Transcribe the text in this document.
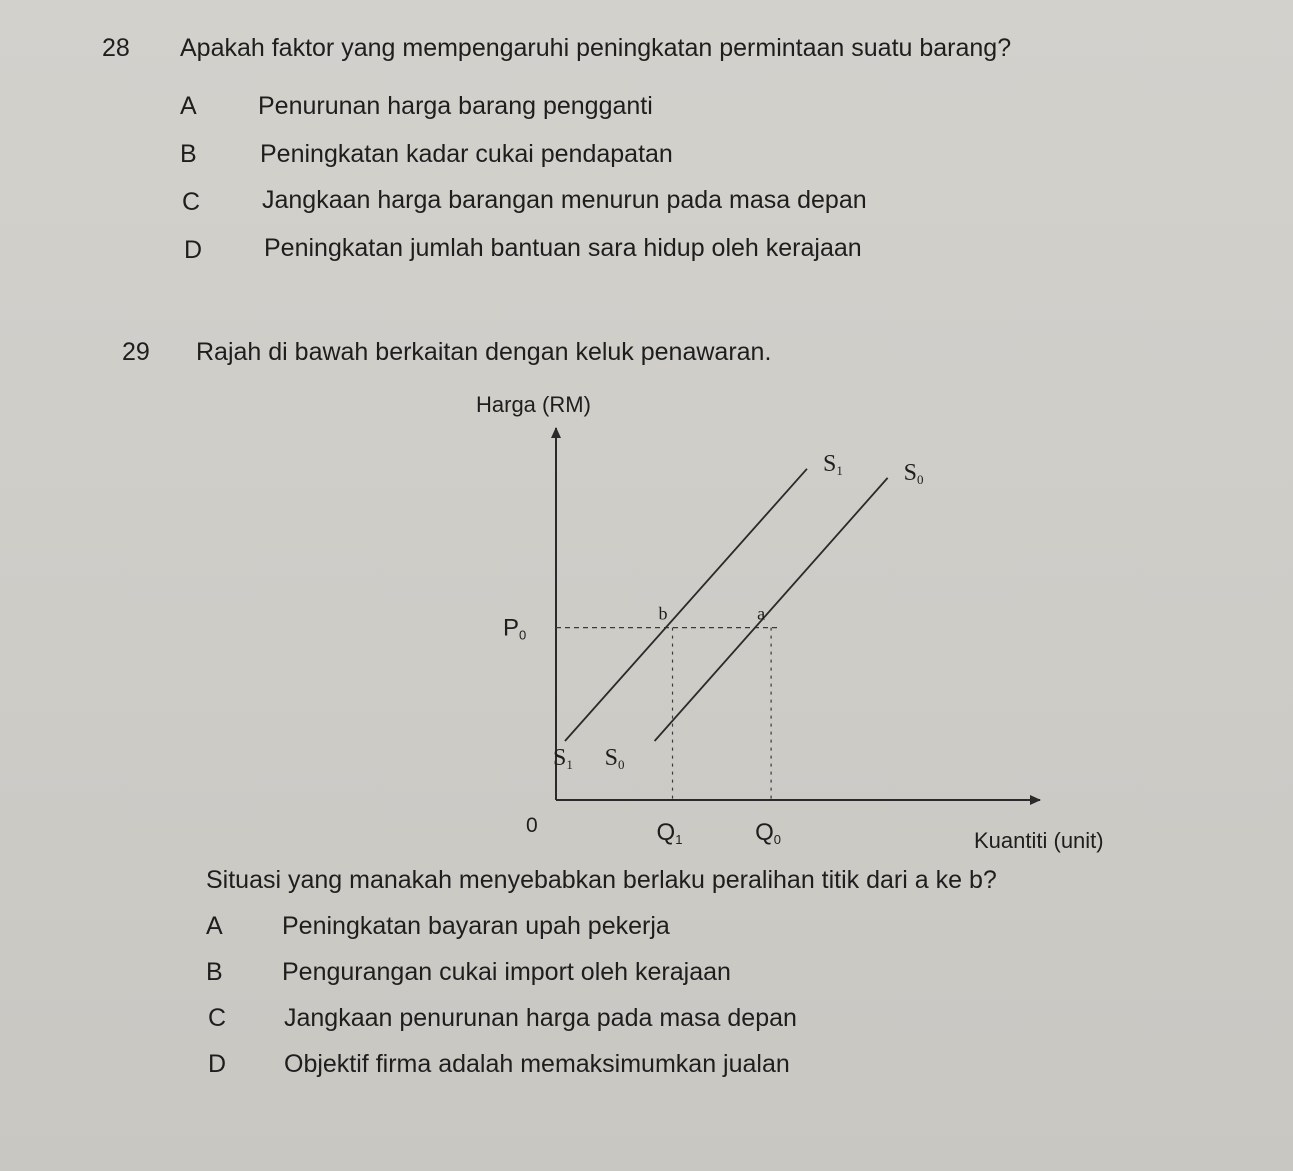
28 Apakah faktor yang mempengaruhi peningkatan permintaan suatu barang?
A Penurunan harga barang pengganti
B	Peningkatan kadar cukai pendapatan
C Jangkaan harga barangan menurun pada masa depan
D Peningkatan jumlah bantuan sara hidup oleh kerajaan
29 Rajah di bawah berkaitan dengan keluk penawaran.
Harga (RM)
Kuantiti (unit)
0
P0
Q1	Q0
S1
S1
S0
S0
b	a
Situasi yang manakah menyebabkan berlaku peralihan titik dari a ke b?
A Peningkatan bayaran upah pekerja
B Pengurangan cukai import oleh kerajaan
C Jangkaan penurunan harga pada masa depan
D Objektif firma adalah memaksimumkan jualan
